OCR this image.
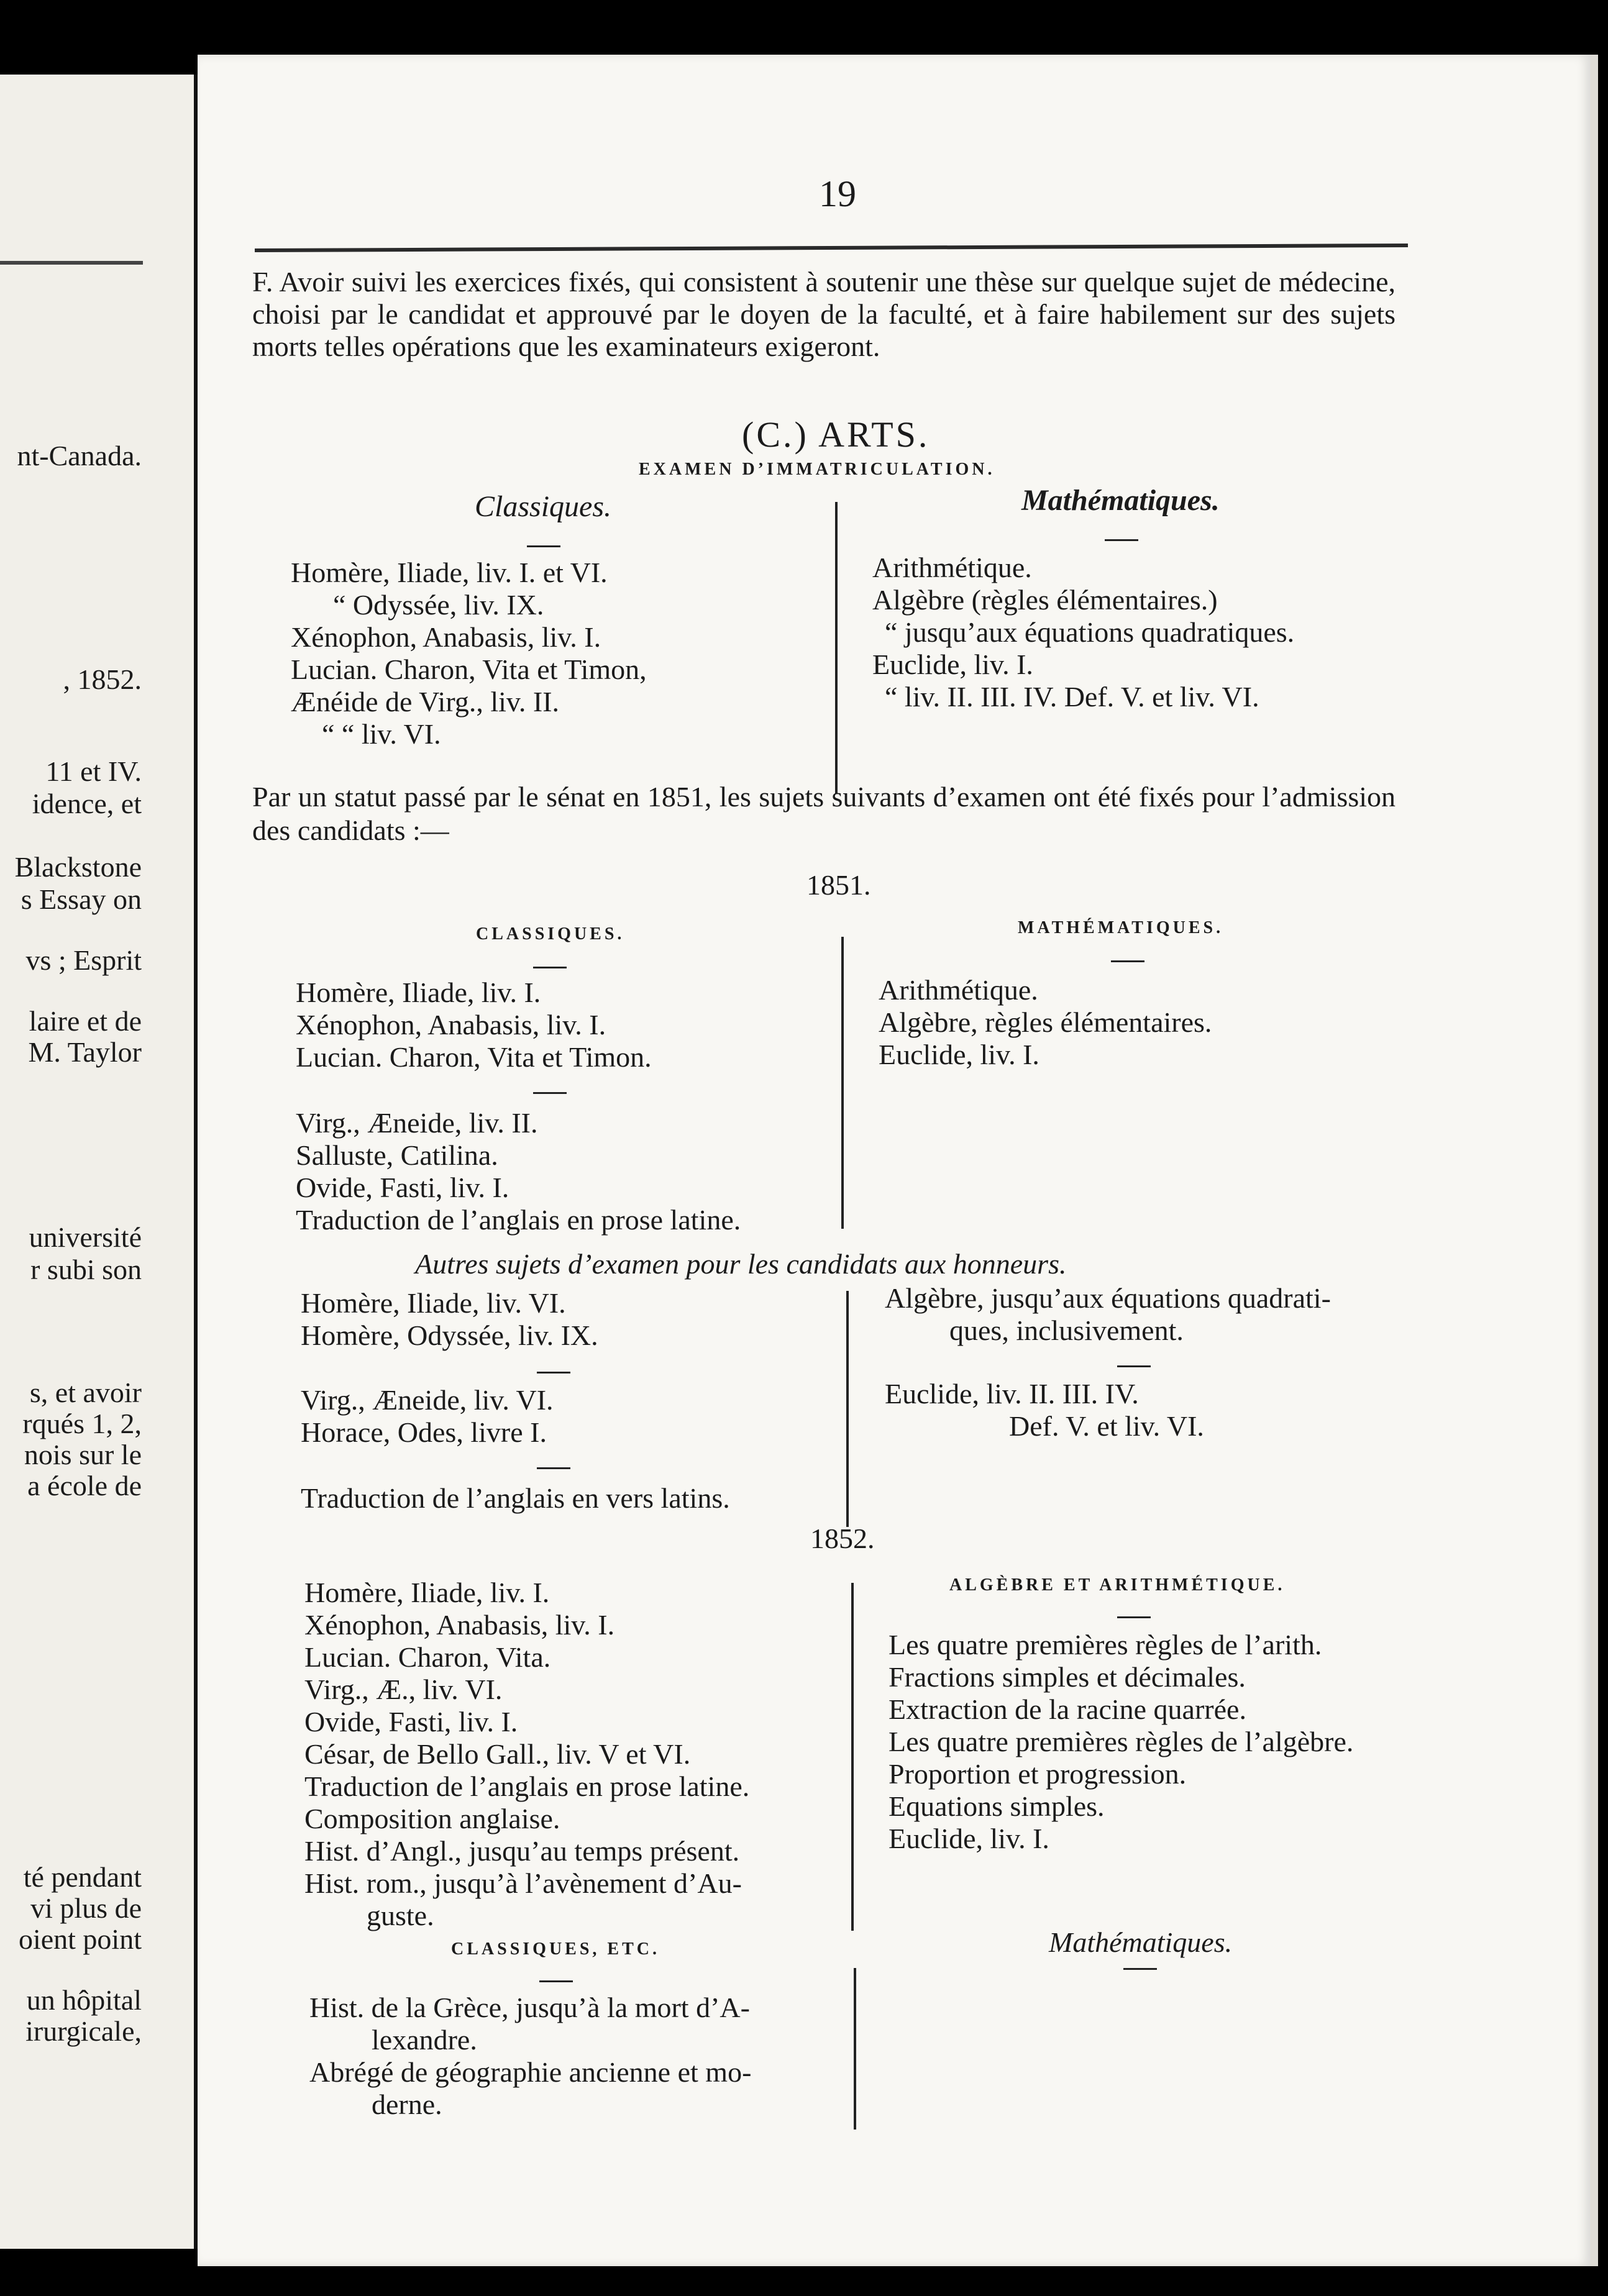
nt-Canada.
, 1852.
11 et IV.
idence, et
Blackstone
s Essay on
vs ; Esprit
laire et de
M. Taylor
université
r subi son
s, et avoir
rqués 1, 2,
nois sur le
a école de
té pendant
vi plus de
oient point
un hôpital
irurgicale,
19
F. Avoir suivi les exercices fixés, qui consistent à soutenir une thèse sur quelque sujet de médecine, choisi par le candidat et approuvé par le doyen de la faculté, et à faire habilement sur des sujets morts telles opérations que les examinateurs exigeront.
(C.) ARTS.
EXAMEN D’IMMATRICULATION.
Classiques.	Mathématiques.
Homère, Iliade, liv. I. et VI.
“ Odyssée, liv. IX.
Xénophon, Anabasis, liv. I.
Lucian. Charon, Vita et Timon,
Ænéide de Virg., liv. II.
“ “ liv. VI.
Arithmétique.
Algèbre (règles élémentaires.)
“ jusqu’aux équations quadratiques.
Euclide, liv. I.
“ liv. II. III. IV. Def. V. et liv. VI.
Par un statut passé par le sénat en 1851, les sujets suivants d’examen ont été fixés pour l’admission des candidats :—
1851.
CLASSIQUES.	MATHÉMATIQUES.
Homère, Iliade, liv. I.
Xénophon, Anabasis, liv. I.
Lucian. Charon, Vita et Timon.
Virg., Æneide, liv. II.
Salluste, Catilina.
Ovide, Fasti, liv. I.
Traduction de l’anglais en prose latine.
Arithmétique.
Algèbre, règles élémentaires.
Euclide, liv. I.
Autres sujets d’examen pour les candidats aux honneurs.
Homère, Iliade, liv. VI.
Homère, Odyssée, liv. IX.
Virg., Æneide, liv. VI.
Horace, Odes, livre I.
Traduction de l’anglais en vers latins.
Algèbre, jusqu’aux équations quadrati-
ques, inclusivement.
Euclide, liv. II. III. IV.
Def. V. et liv. VI.
1852.
ALGÈBRE ET ARITHMÉTIQUE.
Homère, Iliade, liv. I.
Xénophon, Anabasis, liv. I.
Lucian. Charon, Vita.
Virg., Æ., liv. VI.
Ovide, Fasti, liv. I.
César, de Bello Gall., liv. V et VI.
Traduction de l’anglais en prose latine.
Composition anglaise.
Hist. d’Angl., jusqu’au temps présent.
Hist. rom., jusqu’à l’avènement d’Au-
guste.
Les quatre premières règles de l’arith.
Fractions simples et décimales.
Extraction de la racine quarrée.
Les quatre premières règles de l’algèbre.
Proportion et progression.
Equations simples.
Euclide, liv. I.
CLASSIQUES, ETC.
Hist. de la Grèce, jusqu’à la mort d’A-
lexandre.
Abrégé de géographie ancienne et mo-
derne.
Mathématiques.
